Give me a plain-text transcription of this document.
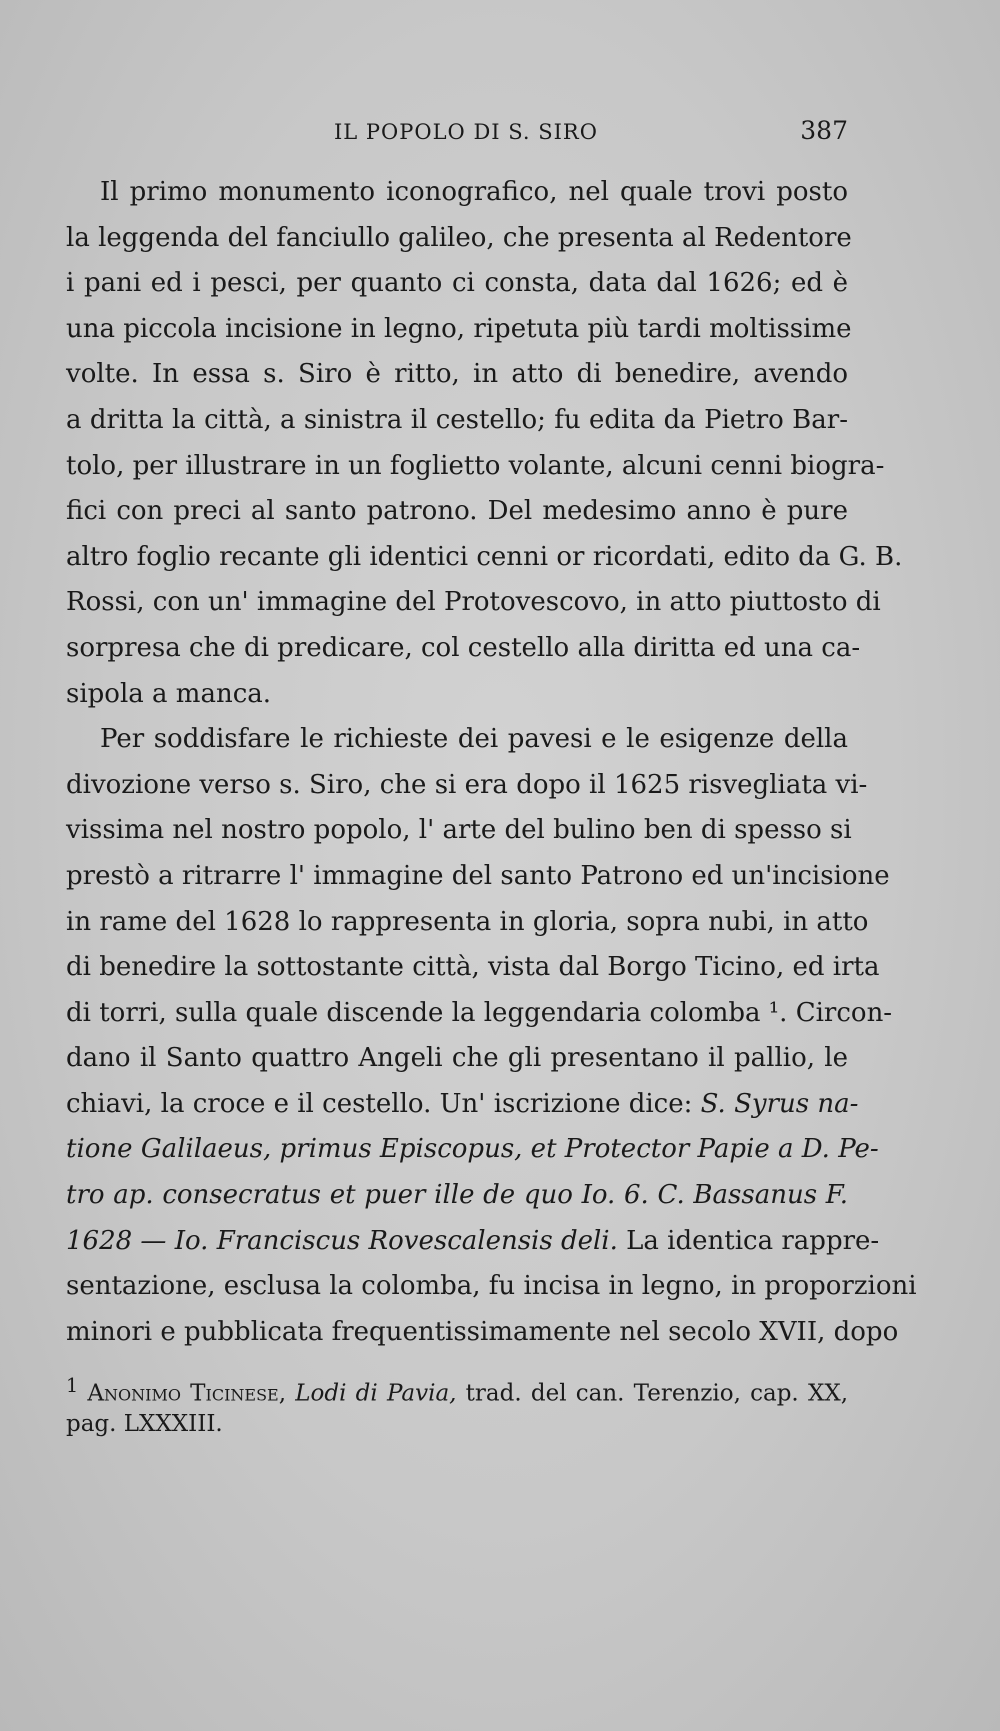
IL POPOLO DI S. SIRO	387
Il primo monumento iconografico, nel quale trovi posto
la leggenda del fanciullo galileo, che presenta al Redentore
i pani ed i pesci, per quanto ci consta, data dal 1626; ed è
una piccola incisione in legno, ripetuta più tardi moltissime
volte. In essa s. Siro è ritto, in atto di benedire, avendo
a dritta la città, a sinistra il cestello; fu edita da Pietro Bar-
tolo, per illustrare in un foglietto volante, alcuni cenni biogra-
fici con preci al santo patrono. Del medesimo anno è pure
altro foglio recante gli identici cenni or ricordati, edito da G. B.
Rossi, con un' immagine del Protovescovo, in atto piuttosto di
sorpresa che di predicare, col cestello alla diritta ed una ca-
sipola a manca.
Per soddisfare le richieste dei pavesi e le esigenze della
divozione verso s. Siro, che si era dopo il 1625 risvegliata vi-
vissima nel nostro popolo, l' arte del bulino ben di spesso si
prestò a ritrarre l' immagine del santo Patrono ed un'incisione
in rame del 1628 lo rappresenta in gloria, sopra nubi, in atto
di benedire la sottostante città, vista dal Borgo Ticino, ed irta
di torri, sulla quale discende la leggendaria colomba ¹. Circon-
dano il Santo quattro Angeli che gli presentano il pallio, le
chiavi, la croce e il cestello. Un' iscrizione dice: S. Syrus na-
tione Galilaeus, primus Episcopus, et Protector Papie a D. Pe-
tro ap. consecratus et puer ille de quo Io. 6. C. Bassanus F.
1628 — Io. Franciscus Rovescalensis deli. La identica rappre-
sentazione, esclusa la colomba, fu incisa in legno, in proporzioni
minori e pubblicata frequentissimamente nel secolo XVII, dopo
$^1$ Anonimo Ticinese, Lodi di Pavia, trad. del can. Terenzio, cap. XX,
pag. LXXXIII.
